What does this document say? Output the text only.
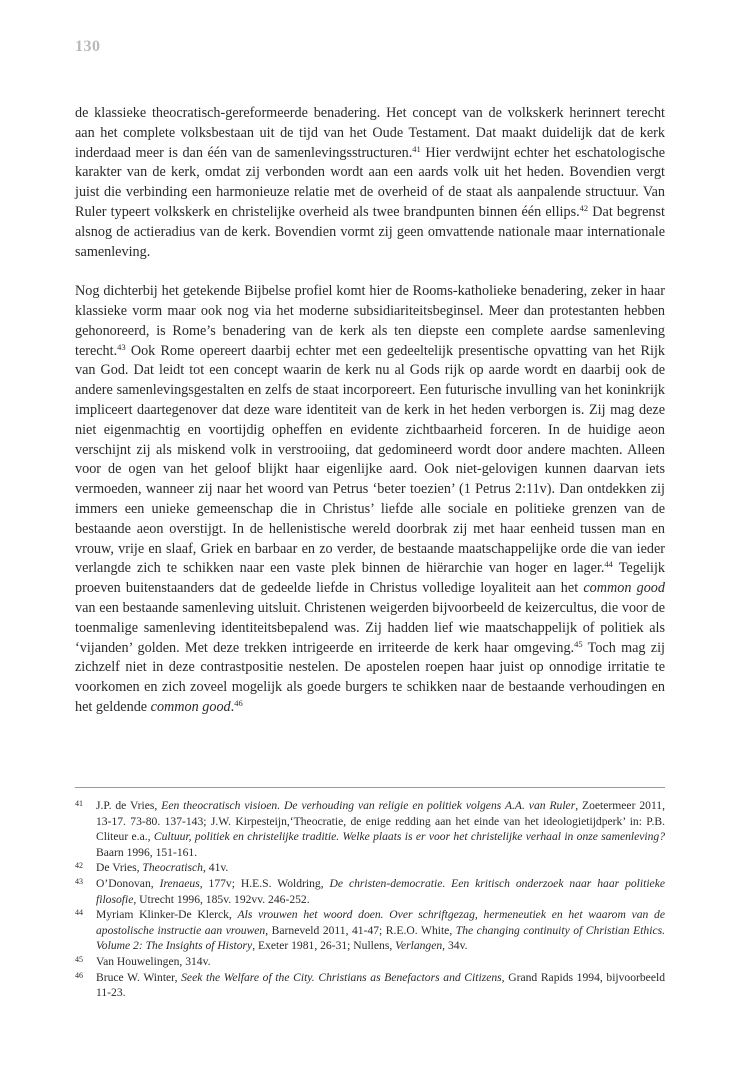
130

de klassieke theocratisch-gereformeerde benadering. Het concept van de volkskerk herinnert terecht aan het complete volksbestaan uit de tijd van het Oude Testament. Dat maakt duidelijk dat de kerk inderdaad meer is dan één van de samenlevingsstructuren.$^{41}$ Hier verdwijnt echter het eschatologische karakter van de kerk, omdat zij verbonden wordt aan een aards volk uit het heden. Bovendien vergt juist die verbinding een harmonieuze relatie met de overheid of de staat als aanpalende structuur. Van Ruler typeert volkskerk en christelijke overheid als twee brandpunten binnen één ellips.$^{42}$ Dat begrenst alsnog de actieradius van de kerk. Bovendien vormt zij geen omvattende nationale maar internationale samenleving.

Nog dichterbij het getekende Bijbelse profiel komt hier de Rooms-katholieke benadering, zeker in haar klassieke vorm maar ook nog via het moderne subsidiariteitsbeginsel. Meer dan protestanten hebben gehonoreerd, is Rome’s benadering van de kerk als ten diepste een complete aardse samenleving terecht.$^{43}$ Ook Rome opereert daarbij echter met een gedeeltelijk presentische opvatting van het Rijk van God. Dat leidt tot een concept waarin de kerk nu al Gods rijk op aarde wordt en daarbij ook de andere samenlevingsgestalten en zelfs de staat incorporeert. Een futurische invulling van het koninkrijk impliceert daartegenover dat deze ware identiteit van de kerk in het heden verborgen is. Zij mag deze niet eigenmachtig en voortijdig opheffen en evidente zichtbaarheid forceren. In de huidige aeon verschijnt zij als miskend volk in verstrooiing, dat gedomineerd wordt door andere machten. Alleen voor de ogen van het geloof blijkt haar eigenlijke aard. Ook niet-gelovigen kunnen daarvan iets vermoeden, wanneer zij naar het woord van Petrus ‘beter toezien’ (1 Petrus 2:11v). Dan ontdekken zij immers een unieke gemeenschap die in Christus’ liefde alle sociale en politieke grenzen van de bestaande aeon overstijgt. In de hellenistische wereld doorbrak zij met haar eenheid tussen man en vrouw, vrije en slaaf, Griek en barbaar en zo verder, de bestaande maatschappelijke orde die van ieder verlangde zich te schikken naar een vaste plek binnen de hiërarchie van hoger en lager.$^{44}$ Tegelijk proeven buitenstaanders dat de gedeelde liefde in Christus volledige loyaliteit aan het common good van een bestaande samenleving uitsluit. Christenen weigerden bijvoorbeeld de keizercultus, die voor de toenmalige samenleving identiteitsbepalend was. Zij hadden lief wie maatschappelijk of politiek als ‘vijanden’ golden. Met deze trekken intrigeerde en irriteerde de kerk haar omgeving.$^{45}$ Toch mag zij zichzelf niet in deze contrastpositie nestelen. De apostelen roepen haar juist op onnodige irritatie te voorkomen en zich zoveel mogelijk als goede burgers te schikken naar de bestaande verhoudingen en het geldende common good.$^{46}$

41	J.P. de Vries, Een theocratisch visioen. De verhouding van religie en politiek volgens A.A. van Ruler, Zoetermeer 2011, 13-17. 73-80. 137-143; J.W. Kirpesteijn,‘Theocratie, de enige redding aan het einde van het ideologietijdperk’ in: P.B. Cliteur e.a., Cultuur, politiek en christelijke traditie. Welke plaats is er voor het christelijke verhaal in onze samenleving? Baarn 1996, 151-161.
42	De Vries, Theocratisch, 41v.
43	O’Donovan, Irenaeus, 177v; H.E.S. Woldring, De christen-democratie. Een kritisch onderzoek naar haar politieke filosofie, Utrecht 1996, 185v. 192vv. 246-252.
44	Myriam Klinker-De Klerck, Als vrouwen het woord doen. Over schriftgezag, hermeneutiek en het waarom van de apostolische instructie aan vrouwen, Barneveld 2011, 41-47; R.E.O. White, The changing continuity of Christian Ethics. Volume 2: The Insights of History, Exeter 1981, 26-31; Nullens, Verlangen, 34v.
45	Van Houwelingen, 314v.
46	Bruce W. Winter, Seek the Welfare of the City. Christians as Benefactors and Citizens, Grand Rapids 1994, bijvoorbeeld 11-23.
